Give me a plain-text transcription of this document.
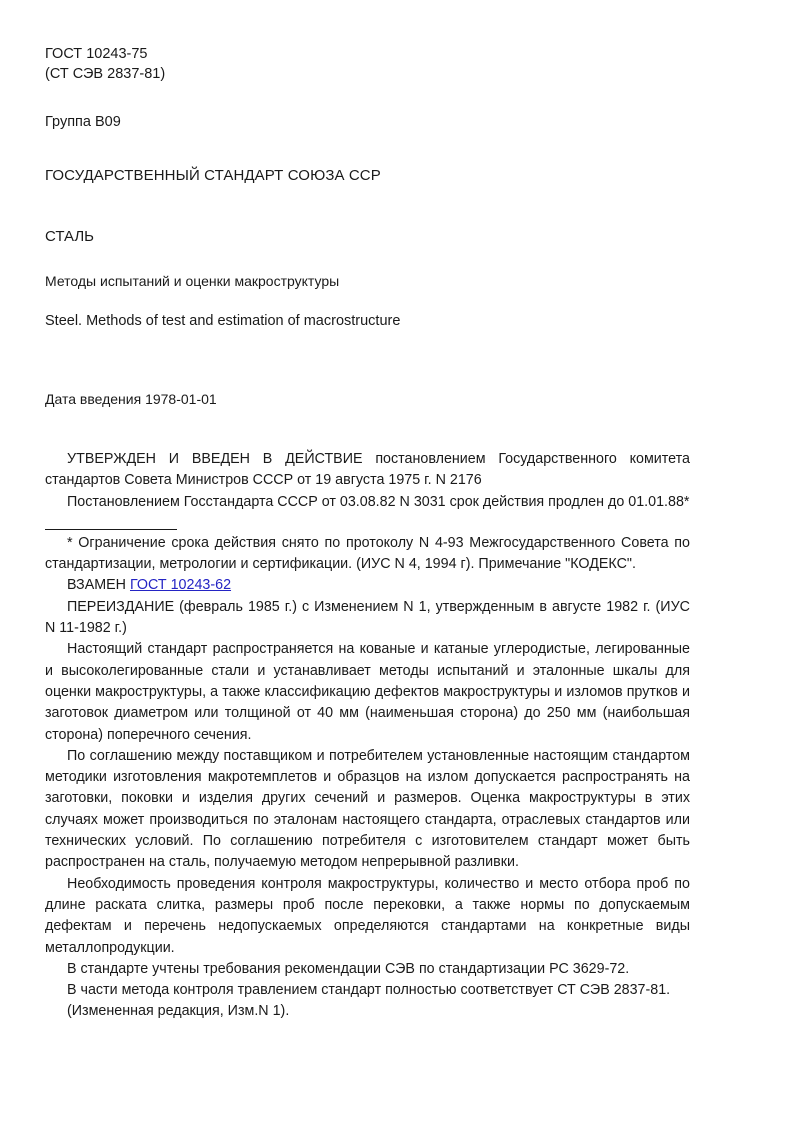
ГОСТ 10243-75
(СТ СЭВ 2837-81)
Группа В09
ГОСУДАРСТВЕННЫЙ СТАНДАРТ СОЮЗА ССР
СТАЛЬ
Методы испытаний и оценки макроструктуры
Steel. Methods of test and estimation of macrostructure
Дата введения 1978-01-01

УТВЕРЖДЕН И ВВЕДЕН В ДЕЙСТВИЕ постановлением Государственного комитета стандартов Совета Министров СССР от 19 августа 1975 г. N 2176

Постановлением Госстандарта СССР от 03.08.82 N 3031 срок действия продлен до 01.01.88*

* Ограничение срока действия снято по протоколу N 4-93 Межгосударственного Совета по стандартизации, метрологии и сертификации. (ИУС N 4, 1994 г). Примечание "КОДЕКС".

ВЗАМЕН ГОСТ 10243-62

ПЕРЕИЗДАНИЕ (февраль 1985 г.) с Изменением N 1, утвержденным в августе 1982 г. (ИУС N 11-1982 г.)

Настоящий стандарт распространяется на кованые и катаные углеродистые, легированные и высоколегированные стали и устанавливает методы испытаний и эталонные шкалы для оценки макроструктуры, а также классификацию дефектов макроструктуры и изломов прутков и заготовок диаметром или толщиной от 40 мм (наименьшая сторона) до 250 мм (наибольшая сторона) поперечного сечения.

По соглашению между поставщиком и потребителем установленные настоящим стандартом методики изготовления макротемплетов и образцов на излом допускается распространять на заготовки, поковки и изделия других сечений и размеров. Оценка макроструктуры в этих случаях может производиться по эталонам настоящего стандарта, отраслевых стандартов или технических условий. По соглашению потребителя с изготовителем стандарт может быть распространен на сталь, получаемую методом непрерывной разливки.

Необходимость проведения контроля макроструктуры, количество и место отбора проб по длине раската слитка, размеры проб после перековки, а также нормы по допускаемым дефектам и перечень недопускаемых определяются стандартами на конкретные виды металлопродукции.

В стандарте учтены требования рекомендации СЭВ по стандартизации РС 3629-72.

В части метода контроля травлением стандарт полностью соответствует СТ СЭВ 2837-81.

(Измененная редакция, Изм.N 1).
